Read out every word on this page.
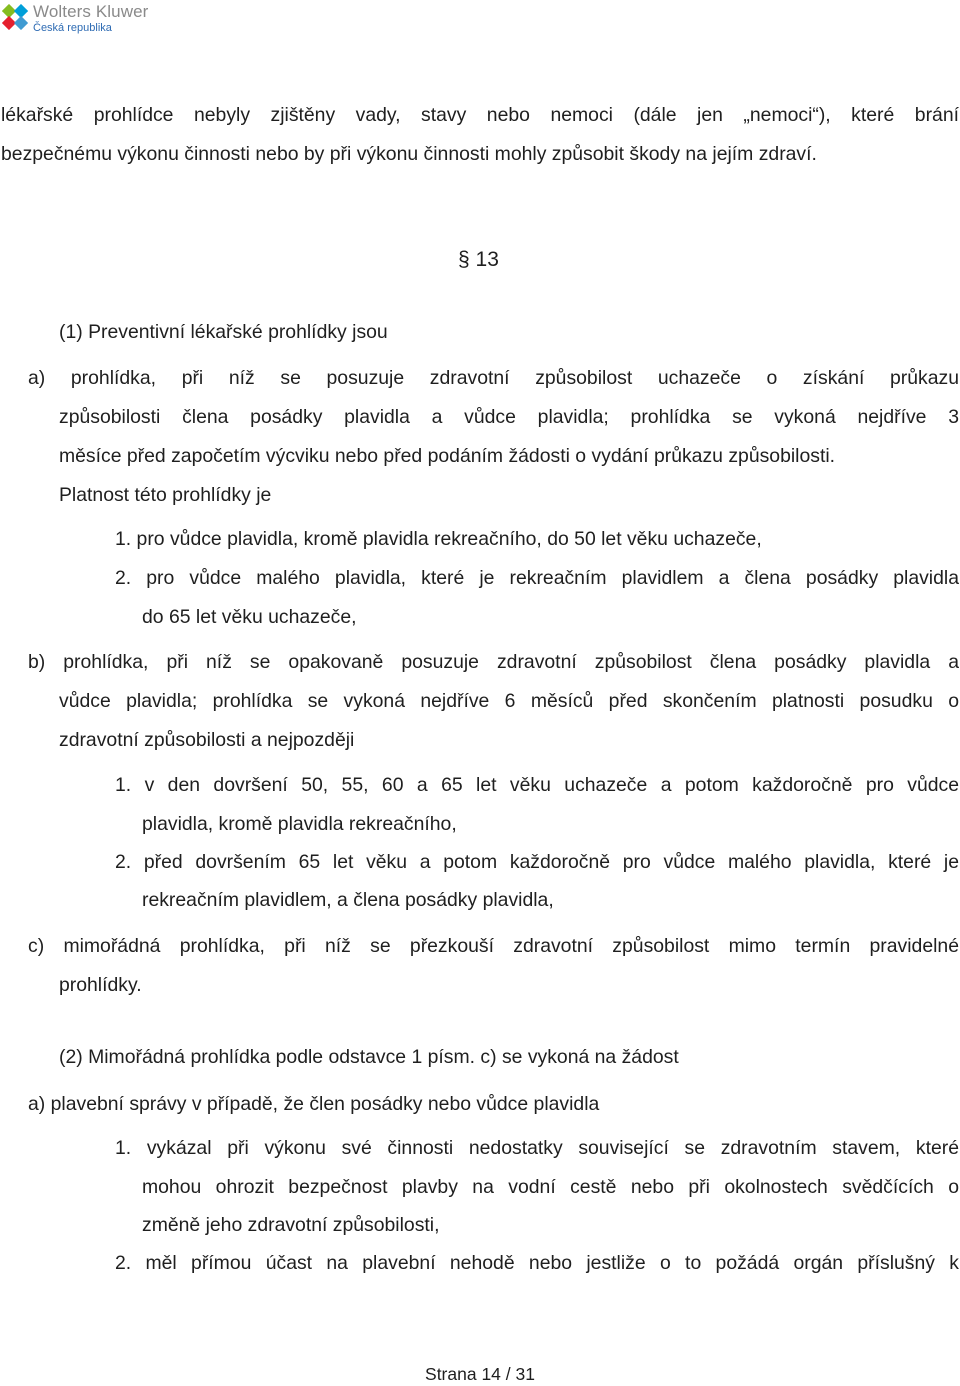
Wolters Kluwer
Česká republika
lékařské prohlídce nebyly zjištěny vady, stavy nebo nemoci (dále jen „nemoci“), které brání
bezpečnému výkonu činnosti nebo by při výkonu činnosti mohly způsobit škody na jejím zdraví.
§ 13
(1) Preventivní lékařské prohlídky jsou
a) prohlídka, při níž se posuzuje zdravotní způsobilost uchazeče o získání průkazu
způsobilosti člena posádky plavidla a vůdce plavidla; prohlídka se vykoná nejdříve 3
měsíce před započetím výcviku nebo před podáním žádosti o vydání průkazu způsobilosti.
Platnost této prohlídky je
1. pro vůdce plavidla, kromě plavidla rekreačního, do 50 let věku uchazeče,
2. pro vůdce malého plavidla, které je rekreačním plavidlem a člena posádky plavidla
do 65 let věku uchazeče,
b) prohlídka, při níž se opakovaně posuzuje zdravotní způsobilost člena posádky plavidla a
vůdce plavidla; prohlídka se vykoná nejdříve 6 měsíců před skončením platnosti posudku o
zdravotní způsobilosti a nejpozději
1. v den dovršení 50, 55, 60 a 65 let věku uchazeče a potom každoročně pro vůdce
plavidla, kromě plavidla rekreačního,
2. před dovršením 65 let věku a potom každoročně pro vůdce malého plavidla, které je
rekreačním plavidlem, a člena posádky plavidla,
c) mimořádná prohlídka, při níž se přezkouší zdravotní způsobilost mimo termín pravidelné
prohlídky.
(2) Mimořádná prohlídka podle odstavce 1 písm. c) se vykoná na žádost
a) plavební správy v případě, že člen posádky nebo vůdce plavidla
1. vykázal při výkonu své činnosti nedostatky související se zdravotním stavem, které
mohou ohrozit bezpečnost plavby na vodní cestě nebo při okolnostech svědčících o
změně jeho zdravotní způsobilosti,
2. měl přímou účast na plavební nehodě nebo jestliže o to požádá orgán příslušný k
Strana 14 / 31
